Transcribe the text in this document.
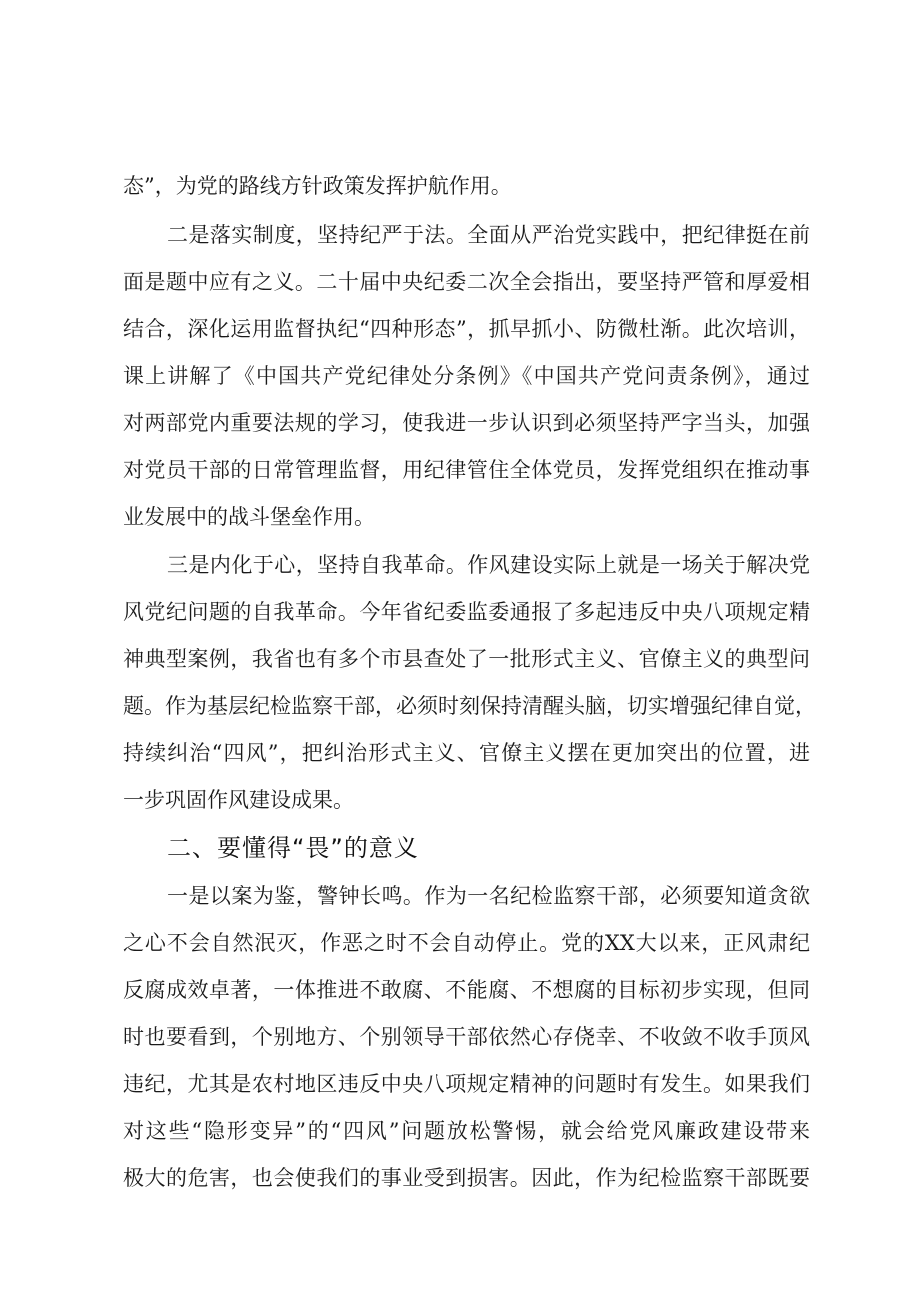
态”，为党的路线方针政策发挥护航作用。
二是落实制度，坚持纪严于法。全面从严治党实践中，把纪律挺在前
面是题中应有之义。二十届中央纪委二次全会指出，要坚持严管和厚爱相
结合，深化运用监督执纪“四种形态”，抓早抓小、防微杜渐。此次培训，
课上讲解了《中国共产党纪律处分条例》《中国共产党问责条例》，通过
对两部党内重要法规的学习，使我进一步认识到必须坚持严字当头，加强
对党员干部的日常管理监督，用纪律管住全体党员，发挥党组织在推动事
业发展中的战斗堡垒作用。
三是内化于心，坚持自我革命。作风建设实际上就是一场关于解决党
风党纪问题的自我革命。今年省纪委监委通报了多起违反中央八项规定精
神典型案例，我省也有多个市县查处了一批形式主义、官僚主义的典型问
题。作为基层纪检监察干部，必须时刻保持清醒头脑，切实增强纪律自觉，
持续纠治“四风”，把纠治形式主义、官僚主义摆在更加突出的位置，进
一步巩固作风建设成果。
二、要懂得“畏”的意义
一是以案为鉴，警钟长鸣。作为一名纪检监察干部，必须要知道贪欲
之心不会自然泯灭，作恶之时不会自动停止。党的XX大以来，正风肃纪
反腐成效卓著，一体推进不敢腐、不能腐、不想腐的目标初步实现，但同
时也要看到，个别地方、个别领导干部依然心存侥幸、不收敛不收手顶风
违纪，尤其是农村地区违反中央八项规定精神的问题时有发生。如果我们
对这些“隐形变异”的“四风”问题放松警惕，就会给党风廉政建设带来
极大的危害，也会使我们的事业受到损害。因此，作为纪检监察干部既要
